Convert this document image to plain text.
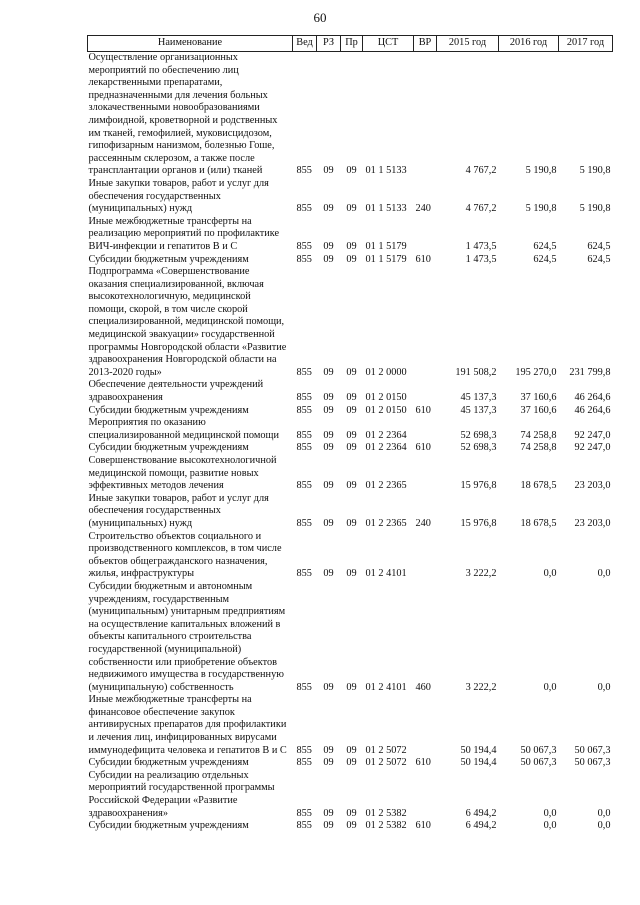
60
Наименование	Вед	РЗ	Пр	ЦСТ	ВР	2015 год	2016 год	2017 год
Осуществление организационных мероприятий по обеспечению лиц лекарственными препаратами, предназначенными для лечения больных злокачественными новообразованиями лимфоидной, кроветворной и родственных им тканей, гемофилией, муковисцидозом, гипофизарным нанизмом, болезнью Гоше, рассеянным склерозом, а также после трансплантации органов и (или) тканей	855	09	09	01 1 5133		4 767,2	5 190,8	5 190,8
Иные закупки товаров, работ и услуг для обеспечения государственных (муниципальных) нужд	855	09	09	01 1 5133	240	4 767,2	5 190,8	5 190,8
Иные межбюджетные трансферты на реализацию мероприятий по профилактике ВИЧ-инфекции и гепатитов В и С	855	09	09	01 1 5179		1 473,5	624,5	624,5
Субсидии бюджетным учреждениям	855	09	09	01 1 5179	610	1 473,5	624,5	624,5
Подпрограмма «Совершенствование оказания специализированной, включая высокотехнологичную, медицинской помощи, скорой, в том числе скорой специализированной, медицинской помощи, медицинской эвакуации» государственной программы Новгородской области «Развитие здравоохранения Новгородской области на 2013-2020 годы»	855	09	09	01 2 0000		191 508,2	195 270,0	231 799,8
Обеспечение деятельности учреждений здравоохранения	855	09	09	01 2 0150		45 137,3	37 160,6	46 264,6
Субсидии бюджетным учреждениям	855	09	09	01 2 0150	610	45 137,3	37 160,6	46 264,6
Мероприятия по оказанию специализированной медицинской помощи	855	09	09	01 2 2364		52 698,3	74 258,8	92 247,0
Субсидии бюджетным учреждениям	855	09	09	01 2 2364	610	52 698,3	74 258,8	92 247,0
Совершенствование высокотехнологичной медицинской помощи, развитие новых эффективных методов лечения	855	09	09	01 2 2365		15 976,8	18 678,5	23 203,0
Иные закупки товаров, работ и услуг для обеспечения государственных (муниципальных) нужд	855	09	09	01 2 2365	240	15 976,8	18 678,5	23 203,0
Строительство объектов социального и производственного комплексов, в том числе объектов общегражданского назначения, жилья, инфраструктуры	855	09	09	01 2 4101		3 222,2	0,0	0,0
Субсидии бюджетным и автономным учреждениям, государственным (муниципальным) унитарным предприятиям на осуществление капитальных вложений в объекты капитального строительства государственной (муниципальной) собственности или приобретение объектов недвижимого имущества в государственную (муниципальную) собственность	855	09	09	01 2 4101	460	3 222,2	0,0	0,0
Иные межбюджетные трансферты на финансовое обеспечение закупок антивирусных препаратов для профилактики и лечения лиц, инфицированных вирусами иммунодефицита человека и гепатитов В и С	855	09	09	01 2 5072		50 194,4	50 067,3	50 067,3
Субсидии бюджетным учреждениям	855	09	09	01 2 5072	610	50 194,4	50 067,3	50 067,3
Субсидии на реализацию отдельных мероприятий государственной программы Российской Федерации «Развитие здравоохранения»	855	09	09	01 2 5382		6 494,2	0,0	0,0
Субсидии бюджетным учреждениям	855	09	09	01 2 5382	610	6 494,2	0,0	0,0
